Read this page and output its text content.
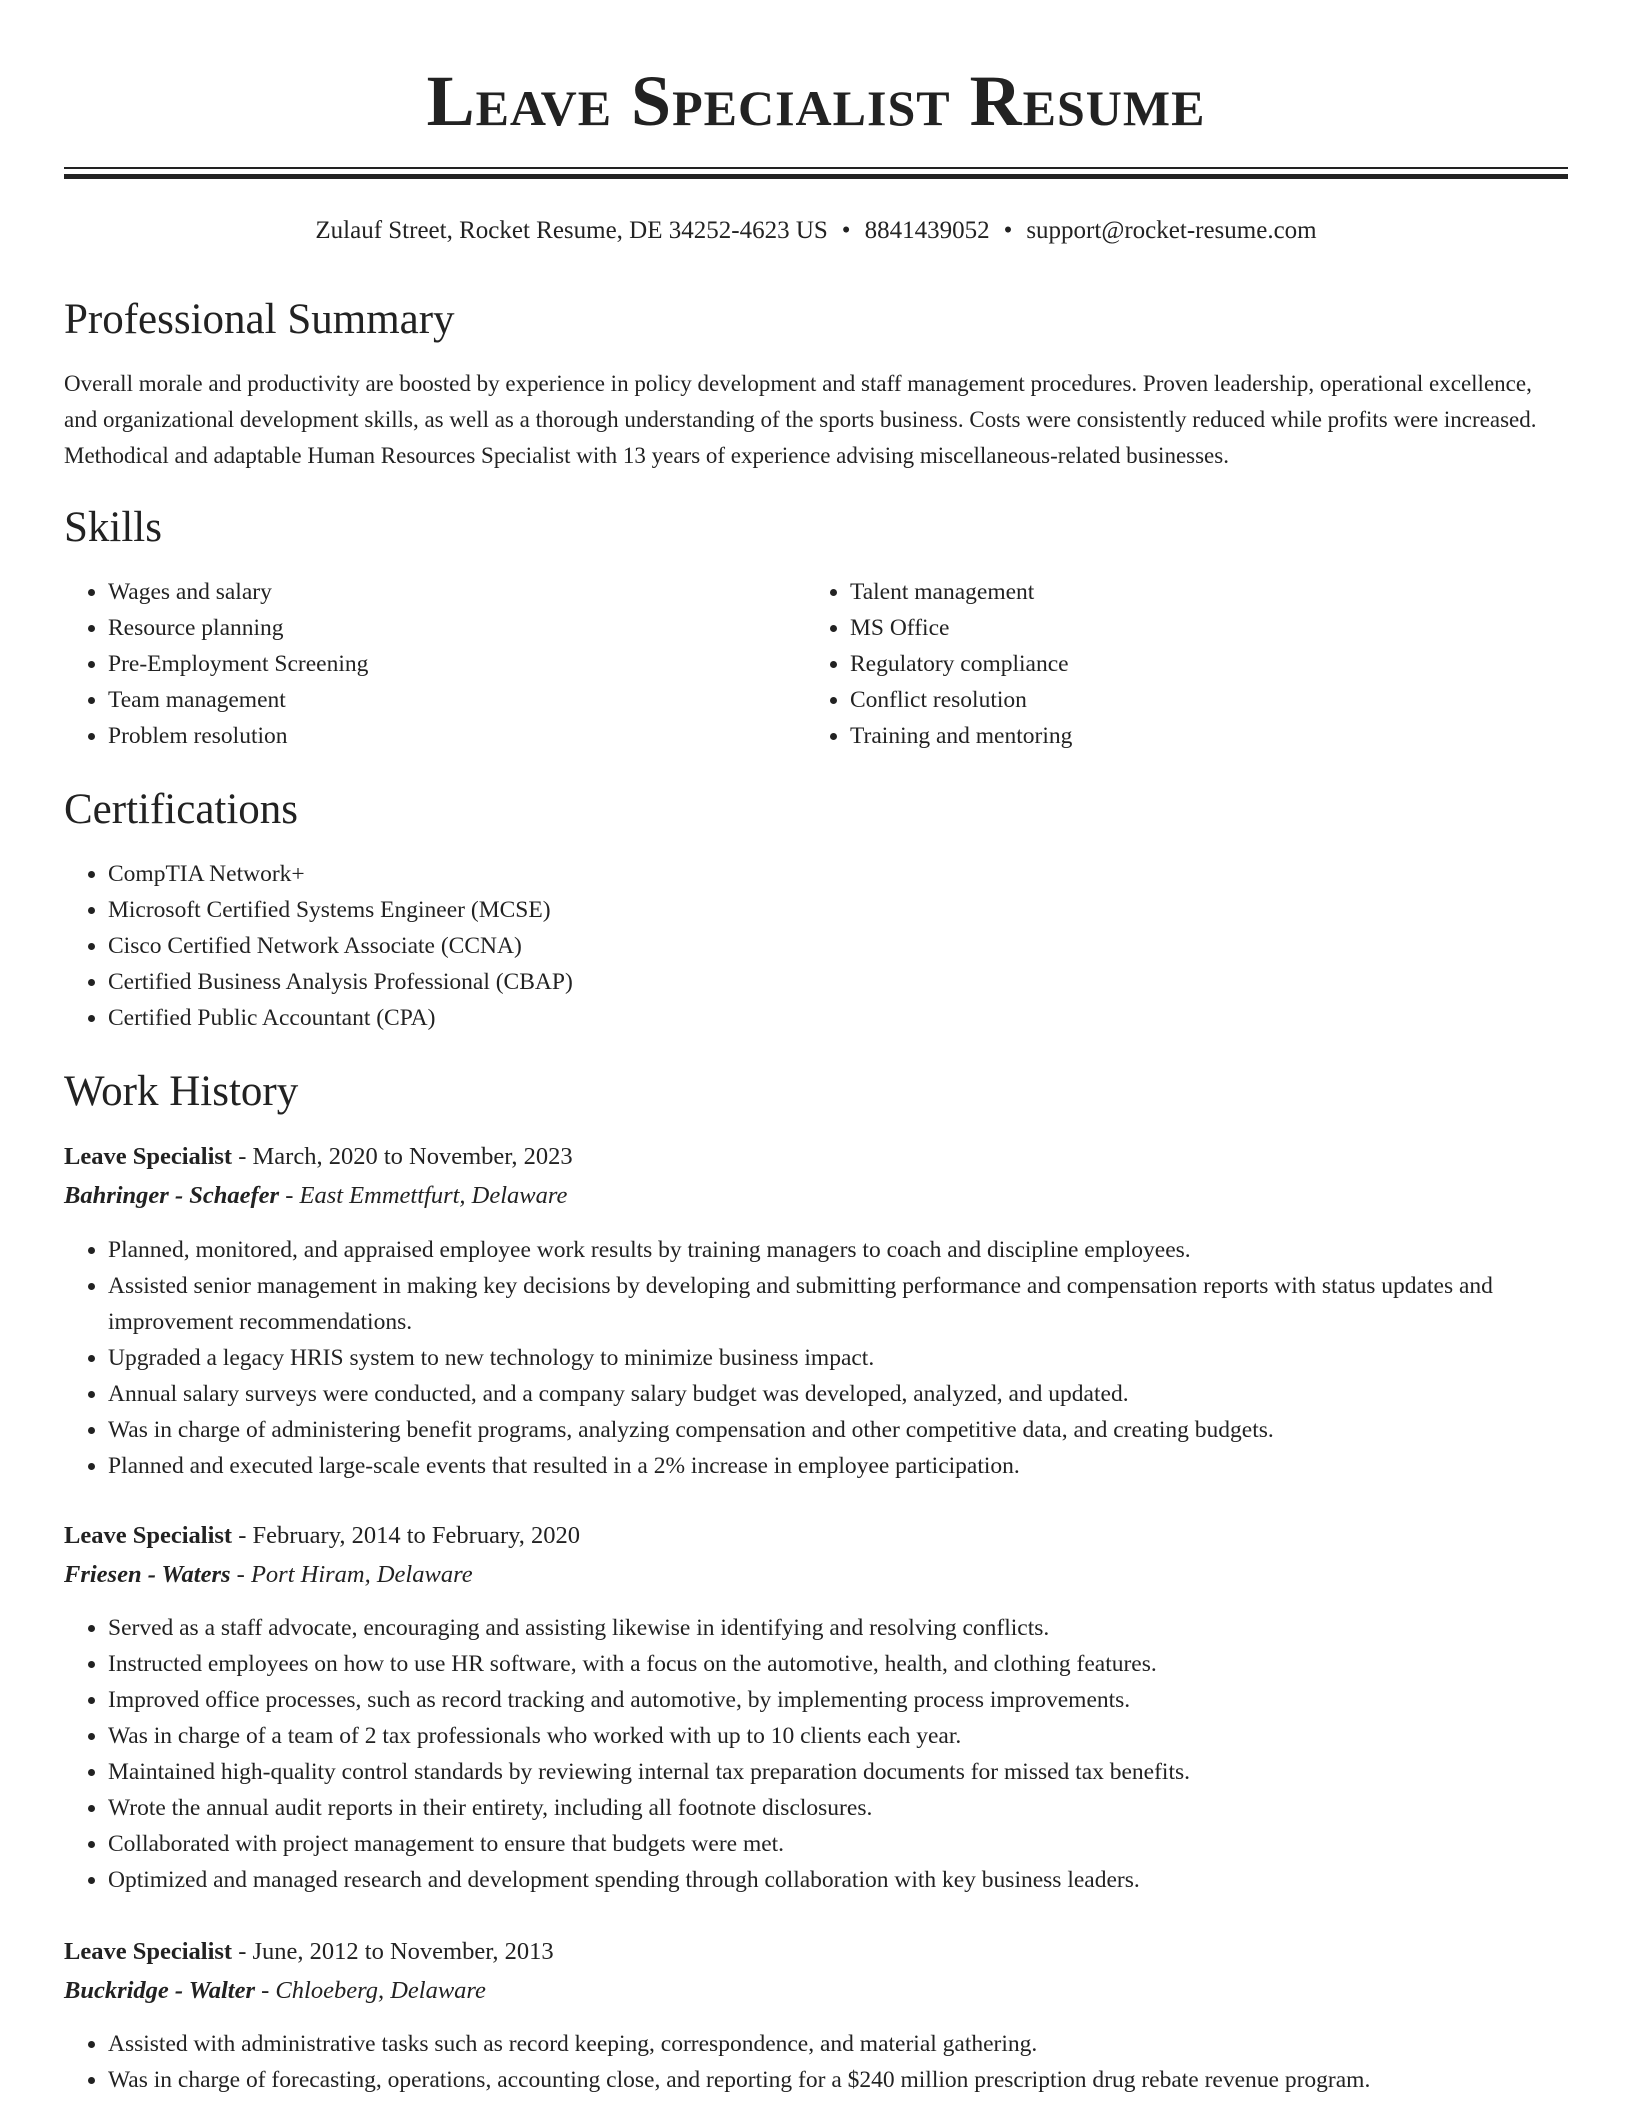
Leave Specialist Resume
Zulauf Street, Rocket Resume, DE 34252-4623 US • 8841439052 • support@rocket-resume.com
Professional Summary

Overall morale and productivity are boosted by experience in policy development and staff management procedures. Proven leadership, operational excellence, and organizational development skills, as well as a thorough understanding of the sports business. Costs were consistently reduced while profits were increased. Methodical and adaptable Human Resources Specialist with 13 years of experience advising miscellaneous-related businesses.

Skills
• Wages and salary
• Resource planning
• Pre-Employment Screening
• Team management
• Problem resolution
• Talent management
• MS Office
• Regulatory compliance
• Conflict resolution
• Training and mentoring
Certifications
• CompTIA Network+
• Microsoft Certified Systems Engineer (MCSE)
• Cisco Certified Network Associate (CCNA)
• Certified Business Analysis Professional (CBAP)
• Certified Public Accountant (CPA)
Work History
Leave Specialist - March, 2020 to November, 2023
Bahringer - Schaefer - East Emmettfurt, Delaware
• Planned, monitored, and appraised employee work results by training managers to coach and discipline employees.
• Assisted senior management in making key decisions by developing and submitting performance and compensation reports with status updates and improvement recommendations.
• Upgraded a legacy HRIS system to new technology to minimize business impact.
• Annual salary surveys were conducted, and a company salary budget was developed, analyzed, and updated.
• Was in charge of administering benefit programs, analyzing compensation and other competitive data, and creating budgets.
• Planned and executed large-scale events that resulted in a 2% increase in employee participation.
Leave Specialist - February, 2014 to February, 2020
Friesen - Waters - Port Hiram, Delaware
• Served as a staff advocate, encouraging and assisting likewise in identifying and resolving conflicts.
• Instructed employees on how to use HR software, with a focus on the automotive, health, and clothing features.
• Improved office processes, such as record tracking and automotive, by implementing process improvements.
• Was in charge of a team of 2 tax professionals who worked with up to 10 clients each year.
• Maintained high-quality control standards by reviewing internal tax preparation documents for missed tax benefits.
• Wrote the annual audit reports in their entirety, including all footnote disclosures.
• Collaborated with project management to ensure that budgets were met.
• Optimized and managed research and development spending through collaboration with key business leaders.
Leave Specialist - June, 2012 to November, 2013
Buckridge - Walter - Chloeberg, Delaware
• Assisted with administrative tasks such as record keeping, correspondence, and material gathering.
• Was in charge of forecasting, operations, accounting close, and reporting for a $240 million prescription drug rebate revenue program.
